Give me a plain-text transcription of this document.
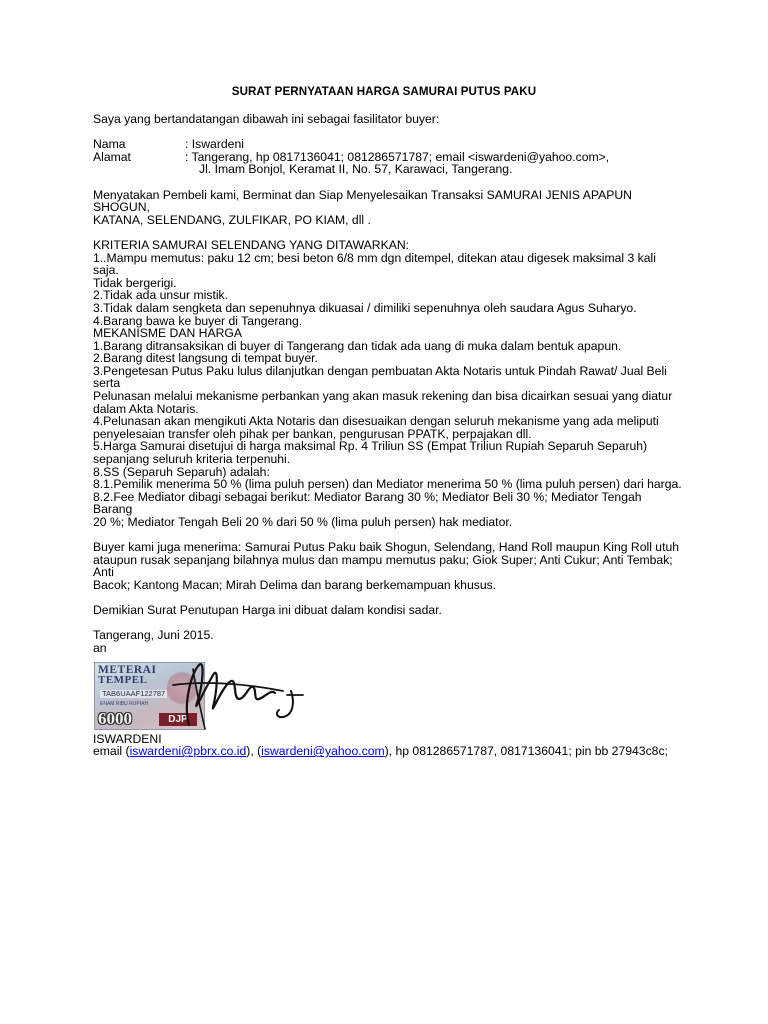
SURAT PERNYATAAN HARGA SAMURAI PUTUS PAKU

Saya yang bertandatangan dibawah ini sebagai fasilitator buyer:

Nama	: Iswardeni
Alamat	: Tangerang, hp 0817136041; 081286571787; email <iswardeni@yahoo.com>,

Jl. Imam Bonjol, Keramat II, No. 57, Karawaci, Tangerang.

Menyatakan Pembeli kami, Berminat dan Siap Menyelesaikan Transaksi SAMURAI JENIS APAPUN SHOGUN,

KATANA, SELENDANG, ZULFIKAR, PO KIAM, dll .

KRITERIA SAMURAI SELENDANG YANG DITAWARKAN:

1..Mampu memutus: paku 12 cm; besi beton 6/8 mm dgn ditempel, ditekan atau digesek maksimal 3 kali saja.

Tidak bergerigi.

2.Tidak ada unsur mistik.

3.Tidak dalam sengketa dan sepenuhnya dikuasai / dimiliki sepenuhnya oleh saudara Agus Suharyo.

4.Barang bawa ke buyer di Tangerang.

MEKANISME DAN HARGA

1.Barang ditransaksikan di buyer di Tangerang dan tidak ada uang di muka dalam bentuk apapun.

2.Barang ditest langsung di tempat buyer.

3.Pengetesan Putus Paku lulus dilanjutkan dengan pembuatan Akta Notaris untuk Pindah Rawat/ Jual Beli serta

Pelunasan melalui mekanisme perbankan yang akan masuk rekening dan bisa dicairkan sesuai yang diatur

dalam Akta Notaris.

4.Pelunasan akan mengikuti Akta Notaris dan disesuaikan dengan seluruh mekanisme yang ada meliputi

penyelesaian transfer oleh pihak per bankan, pengurusan PPATK, perpajakan dll.

5.Harga Samurai disetujui di harga maksimal Rp. 4 Triliun SS (Empat Triliun Rupiah Separuh Separuh)

sepanjang seluruh kriteria terpenuhi.

8.SS (Separuh Separuh) adalah:

8.1.Pemilik menerima 50 % (lima puluh persen) dan Mediator menerima 50 % (lima puluh persen) dari harga.

8.2.Fee Mediator dibagi sebagai berikut: Mediator Barang 30 %; Mediator Beli 30 %; Mediator Tengah Barang

20 %; Mediator Tengah Beli 20 % dari 50 % (lima puluh persen) hak mediator.

Buyer kami juga menerima: Samurai Putus Paku baik Shogun, Selendang, Hand Roll maupun King Roll utuh

ataupun rusak sepanjang bilahnya mulus dan mampu memutus paku; Giok Super; Anti Cukur; Anti Tembak; Anti

Bacok; Kantong Macan; Mirah Delima dan barang berkemampuan khusus.

Demikian Surat Penutupan Harga ini dibuat dalam kondisi sadar.

Tangerang, Juni 2015.

an

METERAI
TEMPEL
TAB6UAAF122787
ENAM RIBU RUPIAH
6000	DJP

ISWARDENI

email (iswardeni@pbrx.co.id), (iswardeni@yahoo.com), hp 081286571787, 0817136041; pin bb 27943c8c;
